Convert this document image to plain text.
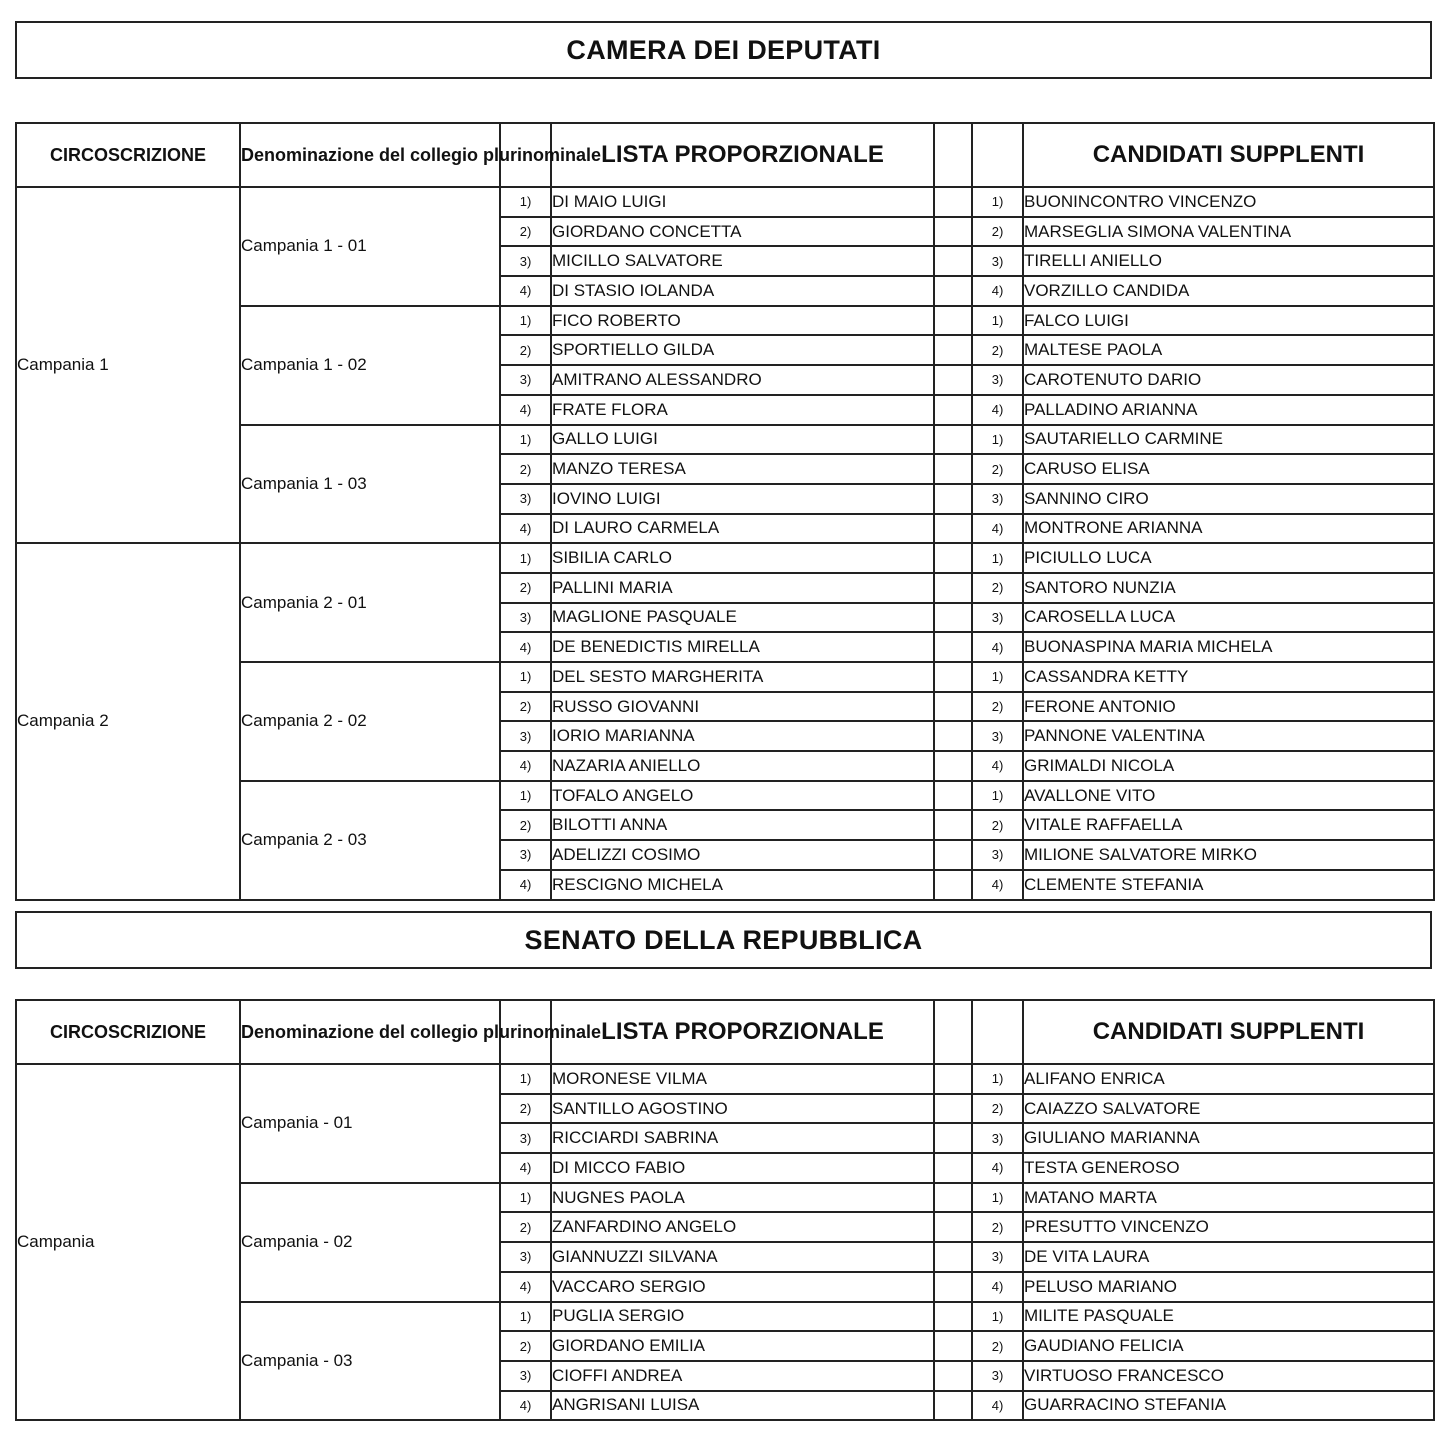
CAMERA DEI DEPUTATI
CIRCOSCRIZIONE	Denominazione del collegio plurinominale		LISTA PROPORZIONALE			CANDIDATI SUPPLENTI
Campania 1	Campania 1 - 01	1)	DI MAIO LUIGI		1)	BUONINCONTRO VINCENZO
		2)	GIORDANO CONCETTA		2)	MARSEGLIA SIMONA VALENTINA
		3)	MICILLO SALVATORE		3)	TIRELLI ANIELLO
		4)	DI STASIO IOLANDA		4)	VORZILLO CANDIDA
	Campania 1 - 02	1)	FICO ROBERTO		1)	FALCO LUIGI
		2)	SPORTIELLO GILDA		2)	MALTESE PAOLA
		3)	AMITRANO ALESSANDRO		3)	CAROTENUTO DARIO
		4)	FRATE FLORA		4)	PALLADINO ARIANNA
	Campania 1 - 03	1)	GALLO LUIGI		1)	SAUTARIELLO CARMINE
		2)	MANZO TERESA		2)	CARUSO ELISA
		3)	IOVINO LUIGI		3)	SANNINO CIRO
		4)	DI LAURO CARMELA		4)	MONTRONE ARIANNA
Campania 2	Campania 2 - 01	1)	SIBILIA CARLO		1)	PICIULLO LUCA
		2)	PALLINI MARIA		2)	SANTORO NUNZIA
		3)	MAGLIONE PASQUALE		3)	CAROSELLA LUCA
		4)	DE BENEDICTIS MIRELLA		4)	BUONASPINA MARIA MICHELA
	Campania 2 - 02	1)	DEL SESTO MARGHERITA		1)	CASSANDRA KETTY
		2)	RUSSO GIOVANNI		2)	FERONE ANTONIO
		3)	IORIO MARIANNA		3)	PANNONE VALENTINA
		4)	NAZARIA ANIELLO		4)	GRIMALDI NICOLA
	Campania 2 - 03	1)	TOFALO ANGELO		1)	AVALLONE VITO
		2)	BILOTTI ANNA		2)	VITALE RAFFAELLA
		3)	ADELIZZI COSIMO		3)	MILIONE SALVATORE MIRKO
		4)	RESCIGNO MICHELA		4)	CLEMENTE STEFANIA
SENATO DELLA REPUBBLICA
CIRCOSCRIZIONE	Denominazione del collegio plurinominale		LISTA PROPORZIONALE			CANDIDATI SUPPLENTI
Campania	Campania - 01	1)	MORONESE VILMA		1)	ALIFANO ENRICA
		2)	SANTILLO AGOSTINO		2)	CAIAZZO SALVATORE
		3)	RICCIARDI SABRINA		3)	GIULIANO MARIANNA
		4)	DI MICCO FABIO		4)	TESTA GENEROSO
	Campania - 02	1)	NUGNES PAOLA		1)	MATANO MARTA
		2)	ZANFARDINO ANGELO		2)	PRESUTTO VINCENZO
		3)	GIANNUZZI SILVANA		3)	DE VITA LAURA
		4)	VACCARO SERGIO		4)	PELUSO MARIANO
	Campania - 03	1)	PUGLIA SERGIO		1)	MILITE PASQUALE
		2)	GIORDANO EMILIA		2)	GAUDIANO FELICIA
		3)	CIOFFI ANDREA		3)	VIRTUOSO FRANCESCO
		4)	ANGRISANI LUISA		4)	GUARRACINO STEFANIA
